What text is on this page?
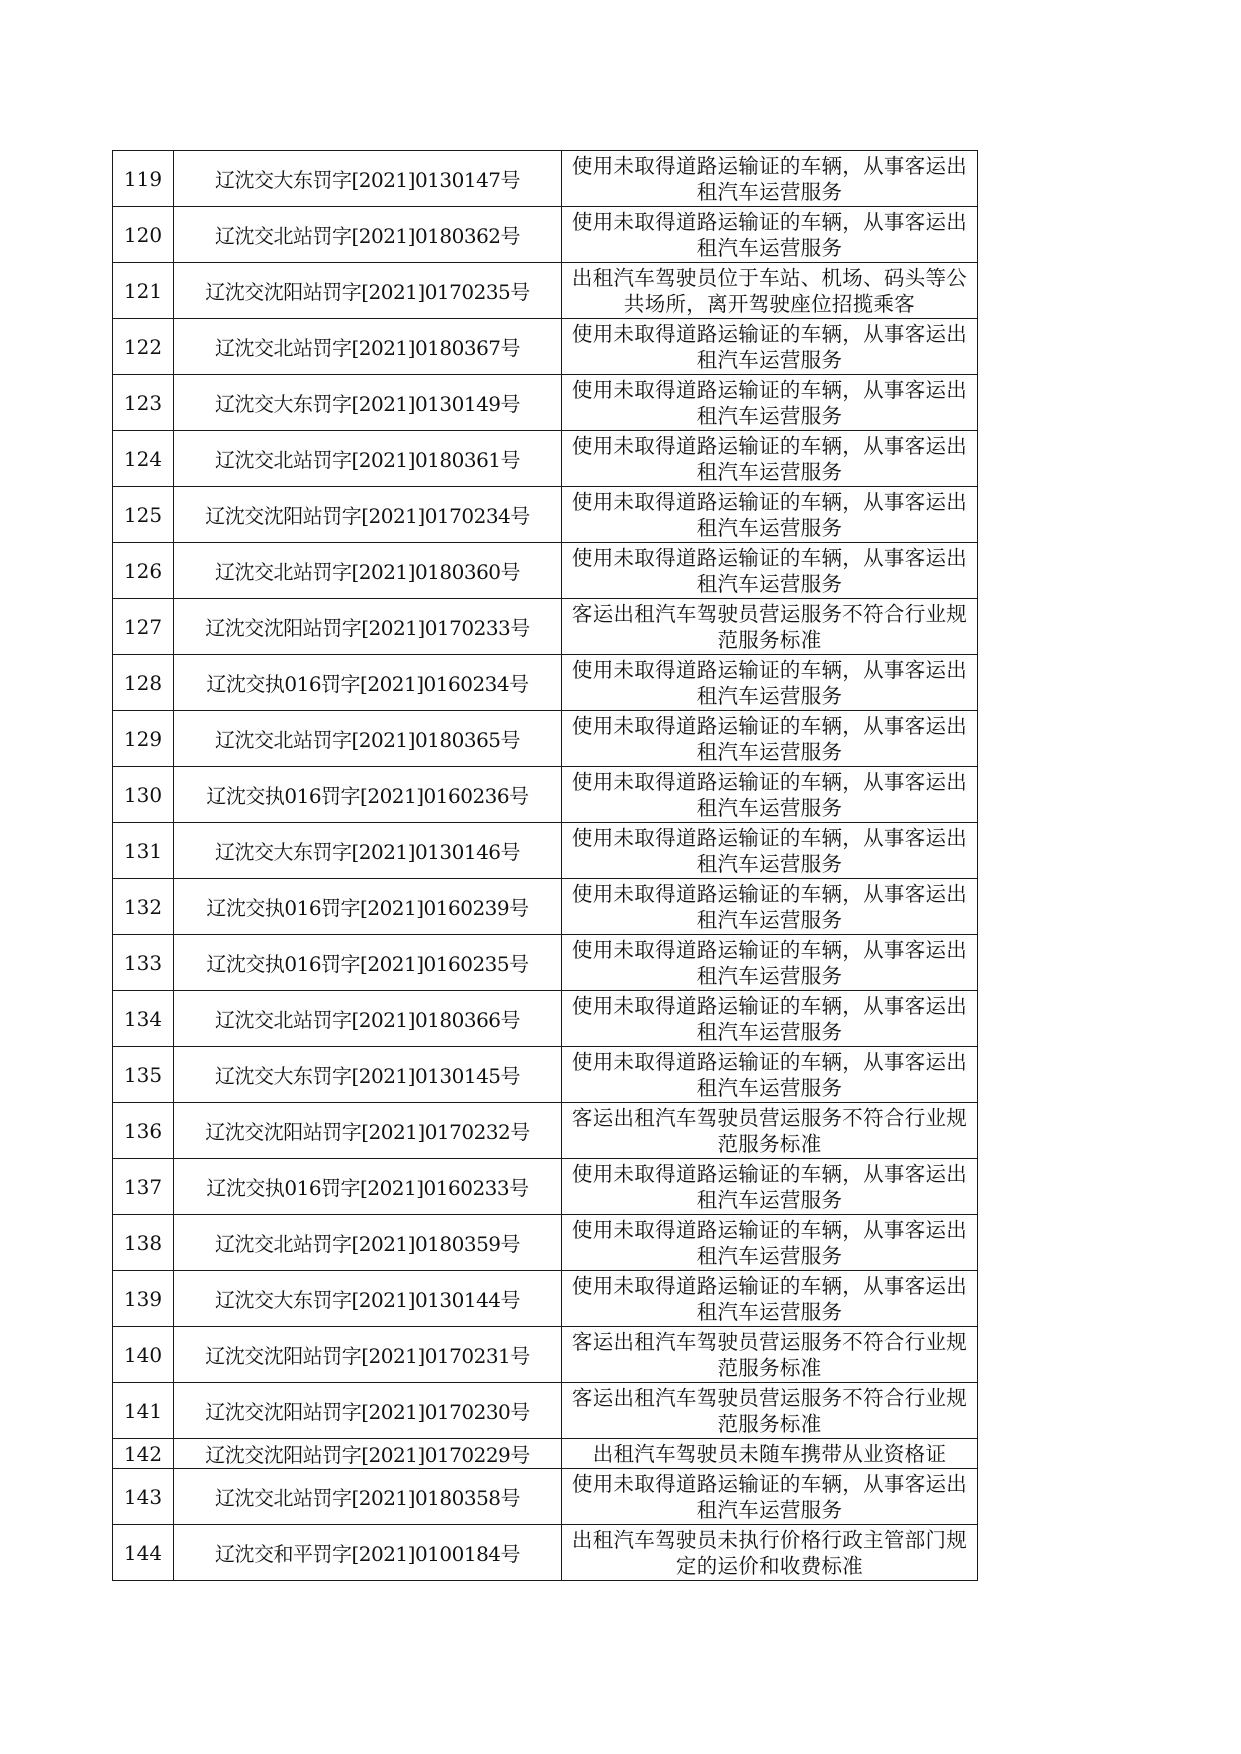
119	辽沈交大东罚字[2021]0130147号	使用未取得道路运输证的车辆，从事客运出租汽车运营服务
120	辽沈交北站罚字[2021]0180362号	使用未取得道路运输证的车辆，从事客运出租汽车运营服务
121	辽沈交沈阳站罚字[2021]0170235号	出租汽车驾驶员位于车站、机场、码头等公共场所，离开驾驶座位招揽乘客
122	辽沈交北站罚字[2021]0180367号	使用未取得道路运输证的车辆，从事客运出租汽车运营服务
123	辽沈交大东罚字[2021]0130149号	使用未取得道路运输证的车辆，从事客运出租汽车运营服务
124	辽沈交北站罚字[2021]0180361号	使用未取得道路运输证的车辆，从事客运出租汽车运营服务
125	辽沈交沈阳站罚字[2021]0170234号	使用未取得道路运输证的车辆，从事客运出租汽车运营服务
126	辽沈交北站罚字[2021]0180360号	使用未取得道路运输证的车辆，从事客运出租汽车运营服务
127	辽沈交沈阳站罚字[2021]0170233号	客运出租汽车驾驶员营运服务不符合行业规范服务标准
128	辽沈交执016罚字[2021]0160234号	使用未取得道路运输证的车辆，从事客运出租汽车运营服务
129	辽沈交北站罚字[2021]0180365号	使用未取得道路运输证的车辆，从事客运出租汽车运营服务
130	辽沈交执016罚字[2021]0160236号	使用未取得道路运输证的车辆，从事客运出租汽车运营服务
131	辽沈交大东罚字[2021]0130146号	使用未取得道路运输证的车辆，从事客运出租汽车运营服务
132	辽沈交执016罚字[2021]0160239号	使用未取得道路运输证的车辆，从事客运出租汽车运营服务
133	辽沈交执016罚字[2021]0160235号	使用未取得道路运输证的车辆，从事客运出租汽车运营服务
134	辽沈交北站罚字[2021]0180366号	使用未取得道路运输证的车辆，从事客运出租汽车运营服务
135	辽沈交大东罚字[2021]0130145号	使用未取得道路运输证的车辆，从事客运出租汽车运营服务
136	辽沈交沈阳站罚字[2021]0170232号	客运出租汽车驾驶员营运服务不符合行业规范服务标准
137	辽沈交执016罚字[2021]0160233号	使用未取得道路运输证的车辆，从事客运出租汽车运营服务
138	辽沈交北站罚字[2021]0180359号	使用未取得道路运输证的车辆，从事客运出租汽车运营服务
139	辽沈交大东罚字[2021]0130144号	使用未取得道路运输证的车辆，从事客运出租汽车运营服务
140	辽沈交沈阳站罚字[2021]0170231号	客运出租汽车驾驶员营运服务不符合行业规范服务标准
141	辽沈交沈阳站罚字[2021]0170230号	客运出租汽车驾驶员营运服务不符合行业规范服务标准
142	辽沈交沈阳站罚字[2021]0170229号	出租汽车驾驶员未随车携带从业资格证
143	辽沈交北站罚字[2021]0180358号	使用未取得道路运输证的车辆，从事客运出租汽车运营服务
144	辽沈交和平罚字[2021]0100184号	出租汽车驾驶员未执行价格行政主管部门规定的运价和收费标准
